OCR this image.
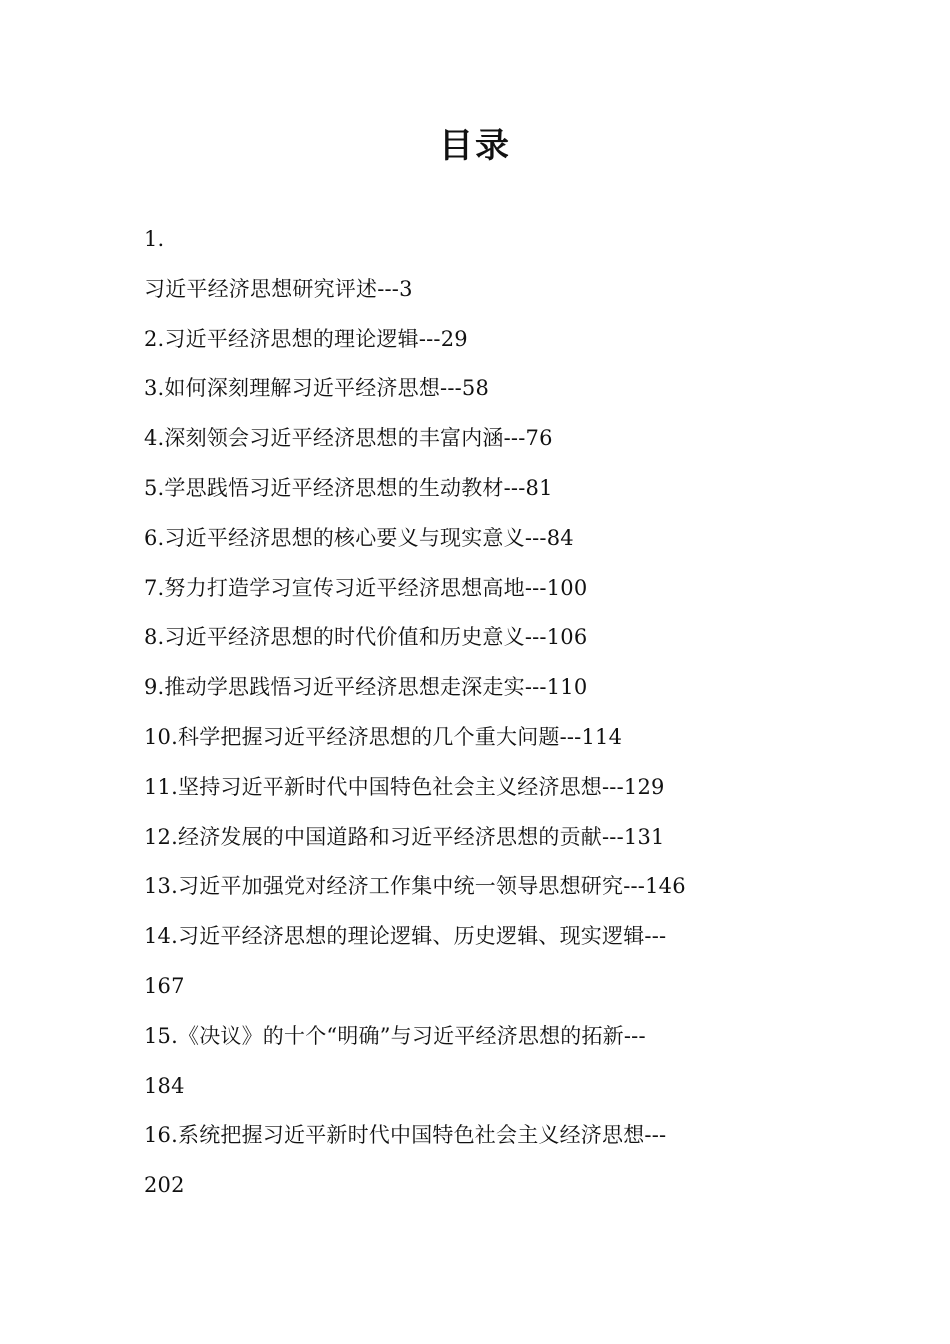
目录
1.
习近平经济思想研究评述---3
2.习近平经济思想的理论逻辑---29
3.如何深刻理解习近平经济思想---58
4.深刻领会习近平经济思想的丰富内涵---76
5.学思践悟习近平经济思想的生动教材---81
6.习近平经济思想的核心要义与现实意义---84
7.努力打造学习宣传习近平经济思想高地---100
8.习近平经济思想的时代价值和历史意义---106
9.推动学思践悟习近平经济思想走深走实---110
10.科学把握习近平经济思想的几个重大问题---114
11.坚持习近平新时代中国特色社会主义经济思想---129
12.经济发展的中国道路和习近平经济思想的贡献---131
13.习近平加强党对经济工作集中统一领导思想研究---146
14.习近平经济思想的理论逻辑、历史逻辑、现实逻辑---
167
15.《决议》的十个“明确”与习近平经济思想的拓新---
184
16.系统把握习近平新时代中国特色社会主义经济思想---
202
